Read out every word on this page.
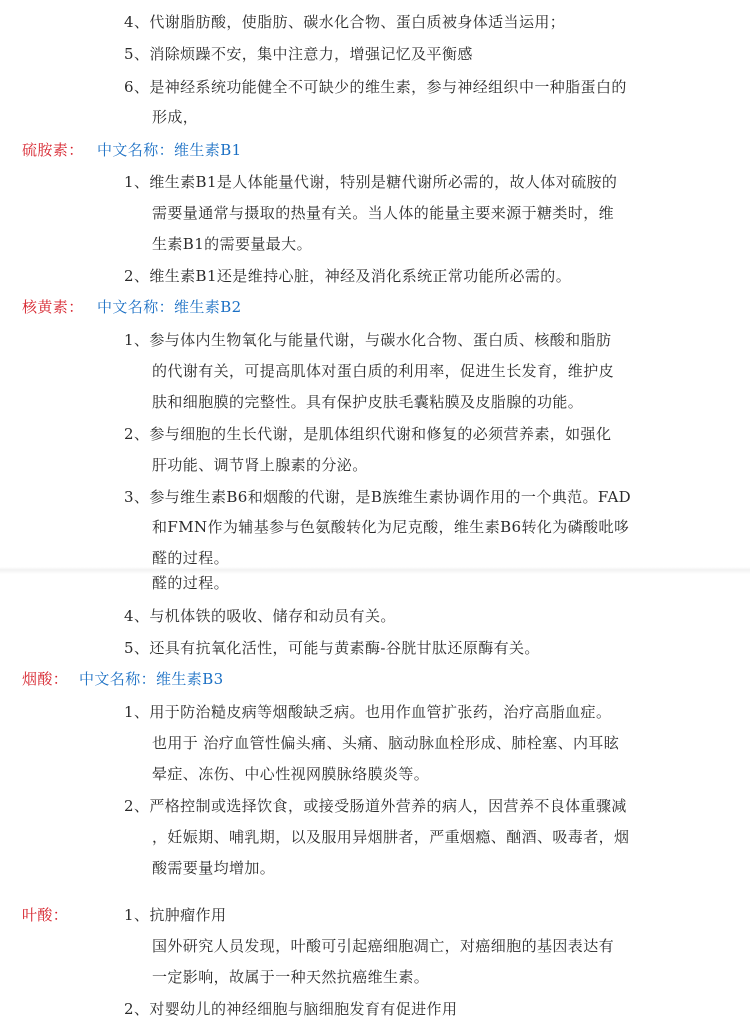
4、代谢脂肪酸，使脂肪、碳水化合物、蛋白质被身体适当运用；
5、消除烦躁不安，集中注意力，增强记忆及平衡感
6、是神经系统功能健全不可缺少的维生素，参与神经组织中一种脂蛋白的
形成，
硫胺素： 中文名称：维生素B1
1、维生素B1是人体能量代谢，特别是糖代谢所必需的，故人体对硫胺的
需要量通常与摄取的热量有关。当人体的能量主要来源于糖类时，维
生素B1的需要量最大。
2、维生素B1还是维持心脏，神经及消化系统正常功能所必需的。
核黄素： 中文名称：维生素B2
1、参与体内生物氧化与能量代谢，与碳水化合物、蛋白质、核酸和脂肪
的代谢有关，可提高肌体对蛋白质的利用率，促进生长发育，维护皮
肤和细胞膜的完整性。具有保护皮肤毛囊粘膜及皮脂腺的功能。
2、参与细胞的生长代谢，是肌体组织代谢和修复的必须营养素，如强化
肝功能、调节肾上腺素的分泌。
3、参与维生素B6和烟酸的代谢，是B族维生素协调作用的一个典范。FAD
和FMN作为辅基参与色氨酸转化为尼克酸，维生素B6转化为磷酸吡哆
醛的过程。
醛的过程。
4、与机体铁的吸收、储存和动员有关。
5、还具有抗氧化活性，可能与黄素酶-谷胱甘肽还原酶有关。
烟酸： 中文名称：维生素B3
1、用于防治糙皮病等烟酸缺乏病。也用作血管扩张药，治疗高脂血症。
也用于 治疗血管性偏头痛、头痛、脑动脉血栓形成、肺栓塞、内耳眩
晕症、冻伤、中心性视网膜脉络膜炎等。
2、严格控制或选择饮食，或接受肠道外营养的病人，因营养不良体重骤减
，妊娠期、哺乳期，以及服用异烟肼者，严重烟瘾、酗酒、吸毒者，烟
酸需要量均增加。
叶酸：	1、抗肿瘤作用
国外研究人员发现，叶酸可引起癌细胞凋亡，对癌细胞的基因表达有
一定影响，故属于一种天然抗癌维生素。
2、对婴幼儿的神经细胞与脑细胞发育有促进作用
